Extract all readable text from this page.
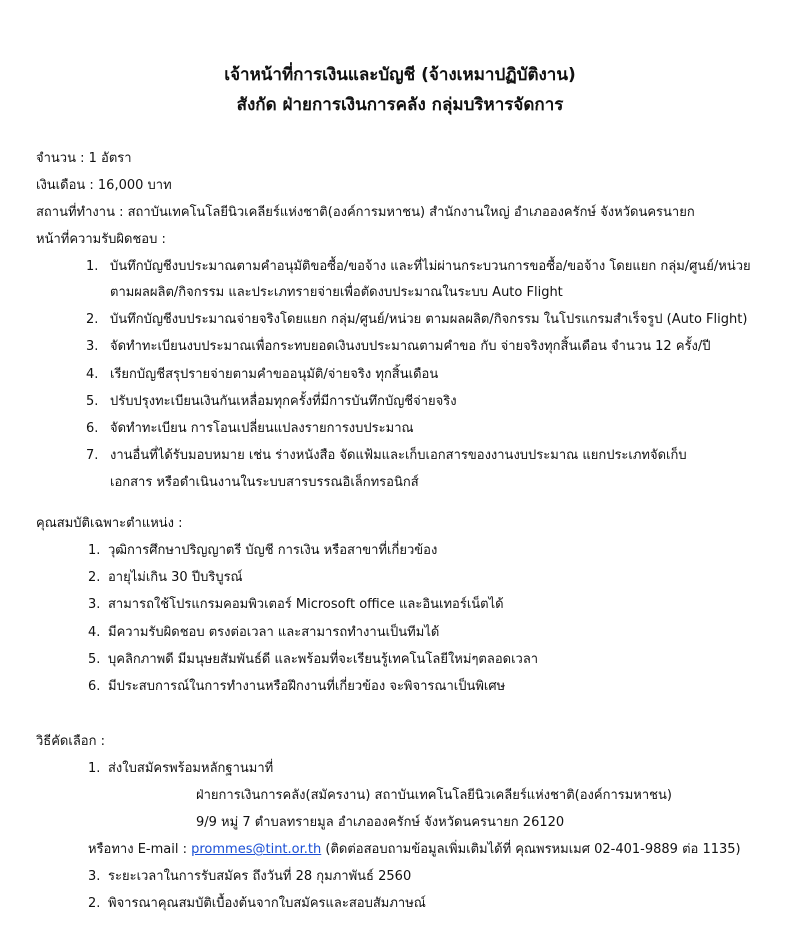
เจ้าหน้าที่การเงินและบัญชี (จ้างเหมาปฏิบัติงาน)
สังกัด ฝ่ายการเงินการคลัง กลุ่มบริหารจัดการ
จำนวน : 1 อัตรา
เงินเดือน : 16,000 บาท
สถานที่ทำงาน : สถาบันเทคโนโลยีนิวเคลียร์แห่งชาติ(องค์การมหาชน) สำนักงานใหญ่ อำเภอองครักษ์ จังหวัดนครนายก
หน้าที่ความรับผิดชอบ :
1. บันทึกบัญชีงบประมาณตามคำอนุมัติขอซื้อ/ขอจ้าง และที่ไม่ผ่านกระบวนการขอซื้อ/ขอจ้าง โดยแยก กลุ่ม/ศูนย์/หน่วย
ตามผลผลิต/กิจกรรม และประเภทรายจ่ายเพื่อตัดงบประมาณในระบบ Auto Flight
2. บันทึกบัญชีงบประมาณจ่ายจริงโดยแยก กลุ่ม/ศูนย์/หน่วย ตามผลผลิต/กิจกรรม ในโปรแกรมสำเร็จรูป (Auto Flight)
3. จัดทำทะเบียนงบประมาณเพื่อกระทบยอดเงินงบประมาณตามคำขอ กับ จ่ายจริงทุกสิ้นเดือน จำนวน 12 ครั้ง/ปี
4. เรียกบัญชีสรุปรายจ่ายตามคำขออนุมัติ/จ่ายจริง ทุกสิ้นเดือน
5. ปรับปรุงทะเบียนเงินกันเหลื่อมทุกครั้งที่มีการบันทึกบัญชีจ่ายจริง
6. จัดทำทะเบียน การโอนเปลี่ยนแปลงรายการงบประมาณ
7. งานอื่นที่ได้รับมอบหมาย เช่น ร่างหนังสือ จัดแฟ้มและเก็บเอกสารของงานงบประมาณ แยกประเภทจัดเก็บ
เอกสาร หรือดำเนินงานในระบบสารบรรณอิเล็กทรอนิกส์
คุณสมบัติเฉพาะตำแหน่ง :
1. วุฒิการศึกษาปริญญาตรี บัญชี การเงิน หรือสาขาที่เกี่ยวข้อง
2. อายุไม่เกิน 30 ปีบริบูรณ์
3. สามารถใช้โปรแกรมคอมพิวเตอร์ Microsoft office และอินเทอร์เน็ตได้
4. มีความรับผิดชอบ ตรงต่อเวลา และสามารถทำงานเป็นทีมได้
5. บุคลิกภาพดี มีมนุษยสัมพันธ์ดี และพร้อมที่จะเรียนรู้เทคโนโลยีใหม่ๆตลอดเวลา
6. มีประสบการณ์ในการทำงานหรือฝึกงานที่เกี่ยวข้อง จะพิจารณาเป็นพิเศษ
วิธีคัดเลือก :
1. ส่งใบสมัครพร้อมหลักฐานมาที่
ฝ่ายการเงินการคลัง(สมัครงาน) สถาบันเทคโนโลยีนิวเคลียร์แห่งชาติ(องค์การมหาชน)
9/9 หมู่ 7 ตำบลทรายมูล อำเภอองครักษ์ จังหวัดนครนายก 26120
หรือทาง E-mail : prommes@tint.or.th (ติดต่อสอบถามข้อมูลเพิ่มเติมได้ที่ คุณพรหมเมศ 02-401-9889 ต่อ 1135)
3. ระยะเวลาในการรับสมัคร ถึงวันที่ 28 กุมภาพันธ์ 2560
2. พิจารณาคุณสมบัติเบื้องต้นจากใบสมัครและสอบสัมภาษณ์
